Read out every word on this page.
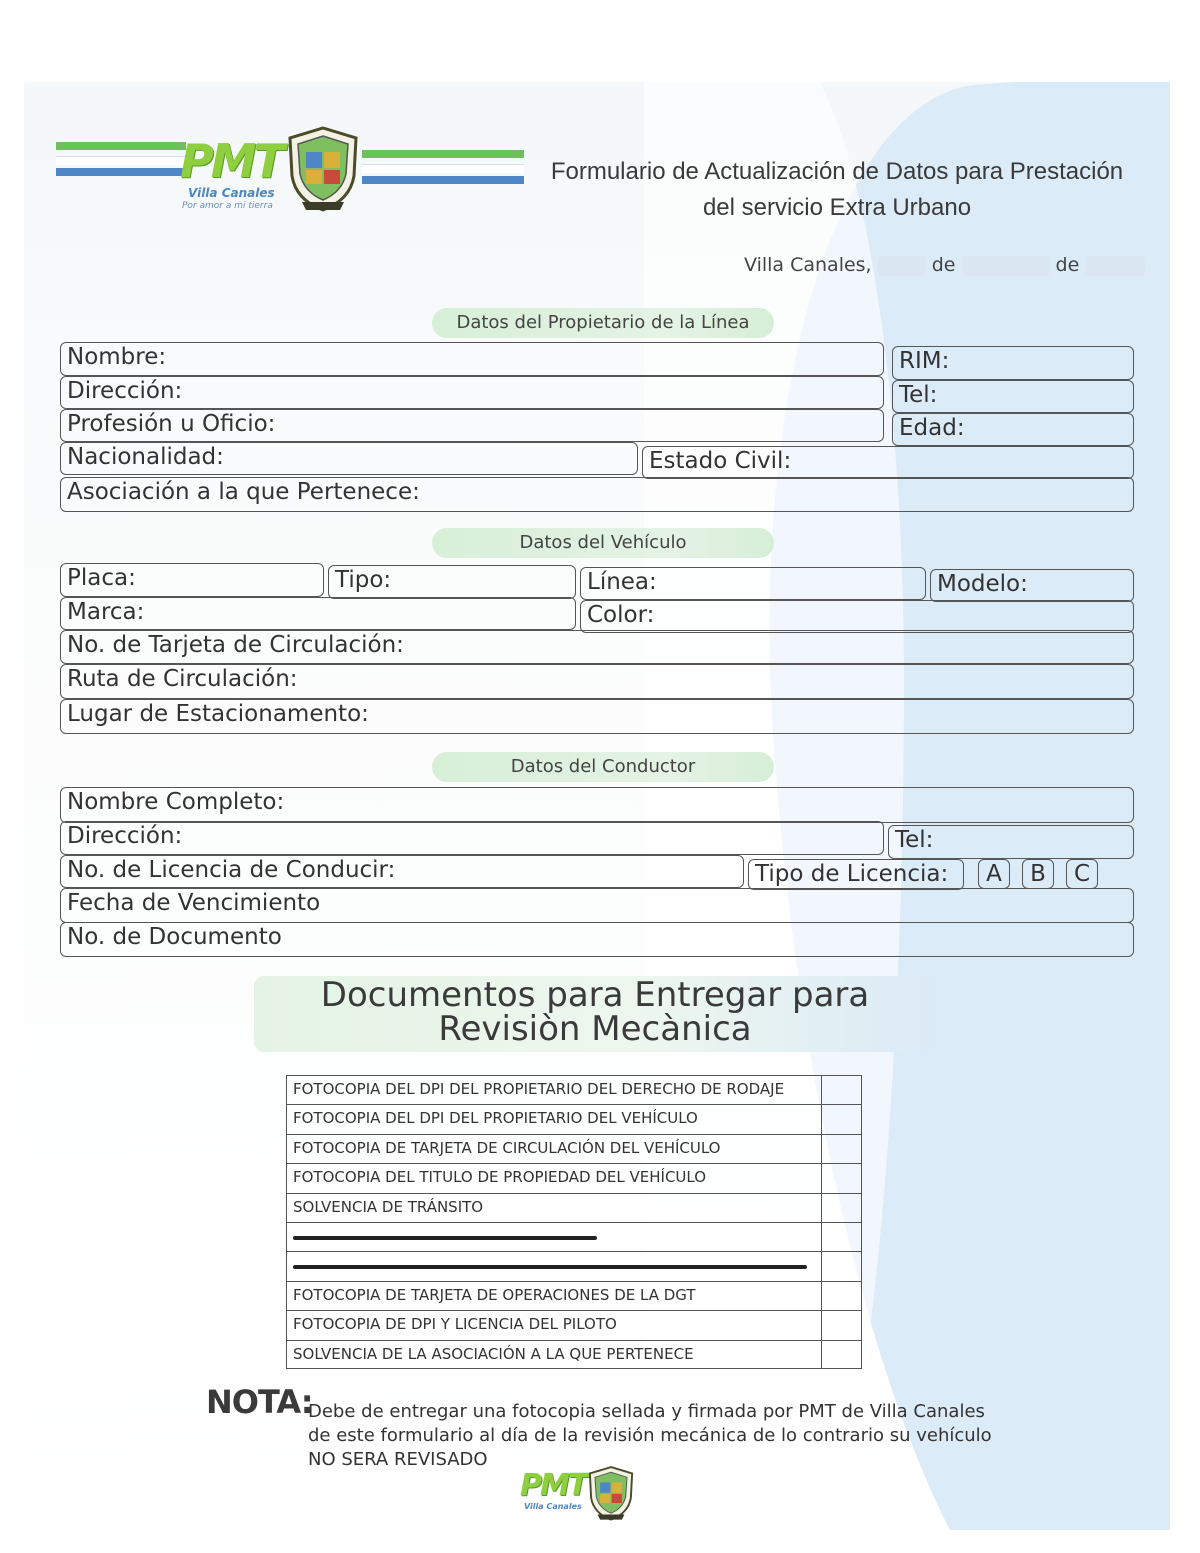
PMT
Villa Canales
Por amor a mi tierra
Formulario de Actualización de Datos para Prestación
del servicio Extra Urbano
Villa Canales,	de	de
Datos del Propietario de la Línea
Nombre:	RIM:
Dirección:	Tel:
Profesión u Oficio:	Edad:
Nacionalidad:	Estado Civil:
Asociación a la que Pertenece:
Datos del Vehículo
Placa:	Tipo:	Línea:	Modelo:
Marca:	Color:
No. de Tarjeta de Circulación:
Ruta de Circulación:
Lugar de Estacionamento:
Datos del Conductor
Nombre Completo:
Dirección:	Tel:
No. de Licencia de Conducir:	Tipo de Licencia:	A	B	C
Fecha de Vencimiento
No. de Documento
Documentos para Entregar para
Revisiòn Mecànica
FOTOCOPIA DEL DPI DEL PROPIETARIO DEL DERECHO DE RODAJE
FOTOCOPIA DEL DPI DEL PROPIETARIO DEL VEHÍCULO
FOTOCOPIA DE TARJETA DE CIRCULACIÓN DEL VEHÍCULO
FOTOCOPIA DEL TITULO DE PROPIEDAD DEL VEHÍCULO
SOLVENCIA DE TRÁNSITO
FOTOCOPIA DE TARJETA DE OPERACIONES DE LA DGT
FOTOCOPIA DE DPI Y LICENCIA DEL PILOTO
SOLVENCIA DE LA ASOCIACIÓN A LA QUE PERTENECE
NOTA:
Debe de entregar una fotocopia sellada y firmada por PMT de Villa Canales de este formulario al día de la revisión mecánica de lo contrario su vehículo NO SERA REVISADO
PMT
Villa Canales
